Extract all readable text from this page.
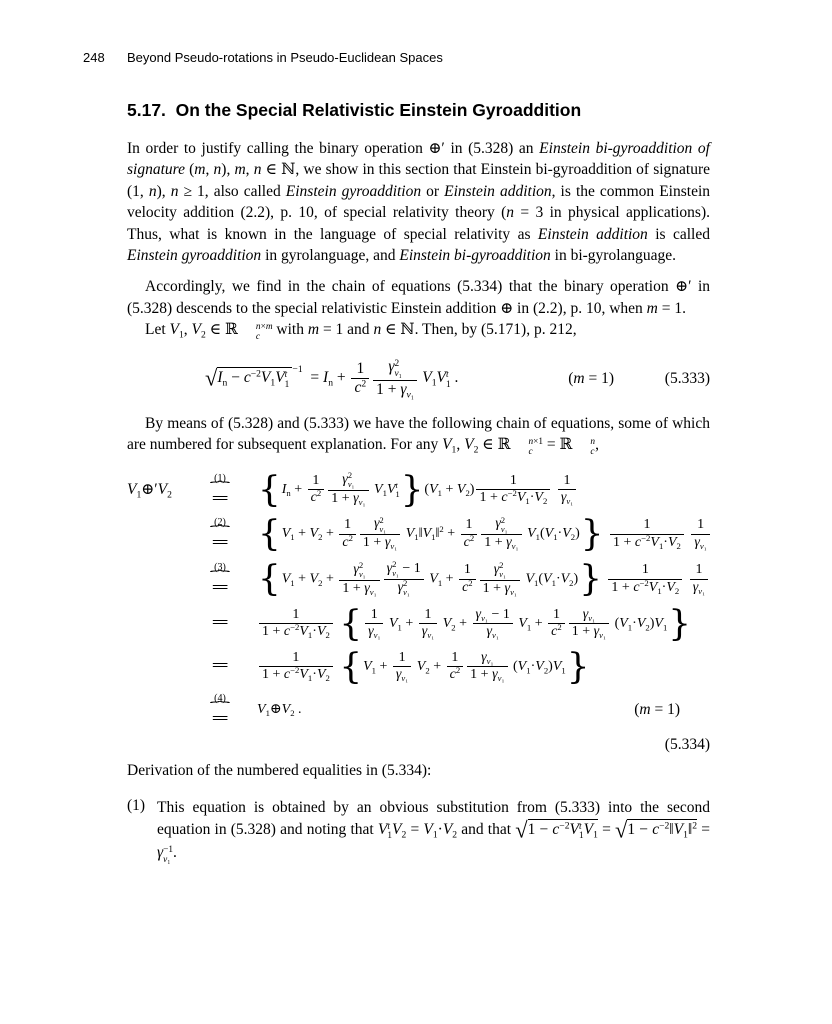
248	Beyond Pseudo-rotations in Pseudo-Euclidean Spaces
5.17.  On the Special Relativistic Einstein Gyroaddition

In order to justify calling the binary operation ⊕′ in (5.328) an Einstein bi-gyroaddition of signature (m, n), m, n ∈ ℕ, we show in this section that Einstein bi-gyroaddition of signature (1, n), n ≥ 1, also called Einstein gyroaddition or Einstein addition, is the common Einstein velocity addition (2.2), p. 10, of special relativity theory (n = 3 in physical applications). Thus, what is known in the language of special relativity as Einstein addition is called Einstein gyroaddition in gyrolanguage, and Einstein bi-gyroaddition in bi-gyrolanguage.

Accordingly, we find in the chain of equations (5.334) that the binary operation ⊕′ in (5.328) descends to the special relativistic Einstein addition ⊕ in (2.2), p. 10, when m = 1.

Let $V_1$, $V_2$ ∈ ℝ	n×m
c with m = 1 and n ∈ ℕ. Then, by (5.171), p. 212,

$√I_n - c^{-2}V_1V$ t
1
 $^{-1} = I_n + \frac{1}{c^2}$ γ 2
v₁
$1 + \gamma_{v_1}$
  $V_1V$ t
1 .	(m = 1)	(5.333)

By means of (5.328) and (5.333) we have the following chain of equations, some of which are numbered for subsequent explanation. For any $V_1$, $V_2$ ∈ ℝ	n×1
c = ℝ	n
c ,

$V_1\oplus'V_2$
(1)
⏞
= {$I_n + \frac{1}{c^2}$ γ 2
v₁
$1 + \gamma_{v_1}$ $V_1V$ t
1 }$(V_1 + V_2) \frac{1}{1 + c^{-2}V_1\cdot V_2}$
$\frac{1}{\gamma_{v_1}}$
(2)
⏞
= {$V_1 + V_2 + \frac{1}{c^2}$ γ 2
v₁
$1 + \gamma_{v_1}$ $V_1‖V_1‖^2 + \frac{1}{c^2}$ γ 2
v₁
$1 + \gamma_{v_1}$ $V_1(V_1\cdot V_2)\} \frac{1}{1 + c^{-2}V_1\cdot V_2}$
$\frac{1}{\gamma_{v_1}}$
(3)
⏞
= {$V_1 + V_2 + \gamma$ 2
v₁
$1 + \gamma_{v_1}$ γ 2
v₁ − 1
γ 2
v₁ $V_1 + \frac{1}{c^2}$ γ 2
v₁
$1 + \gamma_{v_1}$ $V_1(V_1\cdot V_2)\} \frac{1}{1 + c^{-2}V_1\cdot V_2}$
$\frac{1}{\gamma_{v_1}}$
= $\frac{1}{1 + c^{-2}V_1\cdot V_2}$ { $\frac{1}{\gamma_{v_1}} V_1 + \frac{1}{\gamma_{v_1}} V_2 + \frac{\gamma_{v_1} - 1}{\gamma_{v_1}} V_1 + \frac{1}{c^2} \frac{\gamma_{v_1}}{1 + \gamma_{v_1}} (V_1\cdot V_2)V_1$}
= $\frac{1}{1 + c^{-2}V_1\cdot V_2} \{V_1 + \frac{1}{\gamma_{v_1}} V_2 + \frac{1}{c^2} \frac{\gamma_{v_1}}{1 + \gamma_{v_1}} (V_1\cdot V_2)V_1\}$
(4)
⏞
=
$V_1\oplus V_2$ .	(m = 1)
(5.334)

Derivation of the numbered equalities in (5.334):

(1) This equation is obtained by an obvious substitution from (5.333) into the second equation in (5.328) and noting that V t
1 $V_2 = V_1\cdot V_2$ and that $√1 - c^{-2}V$ t
1 $V_1 = √1$ − $c^{-2}‖V_1‖^2 = \gamma -1$
v₁ .
